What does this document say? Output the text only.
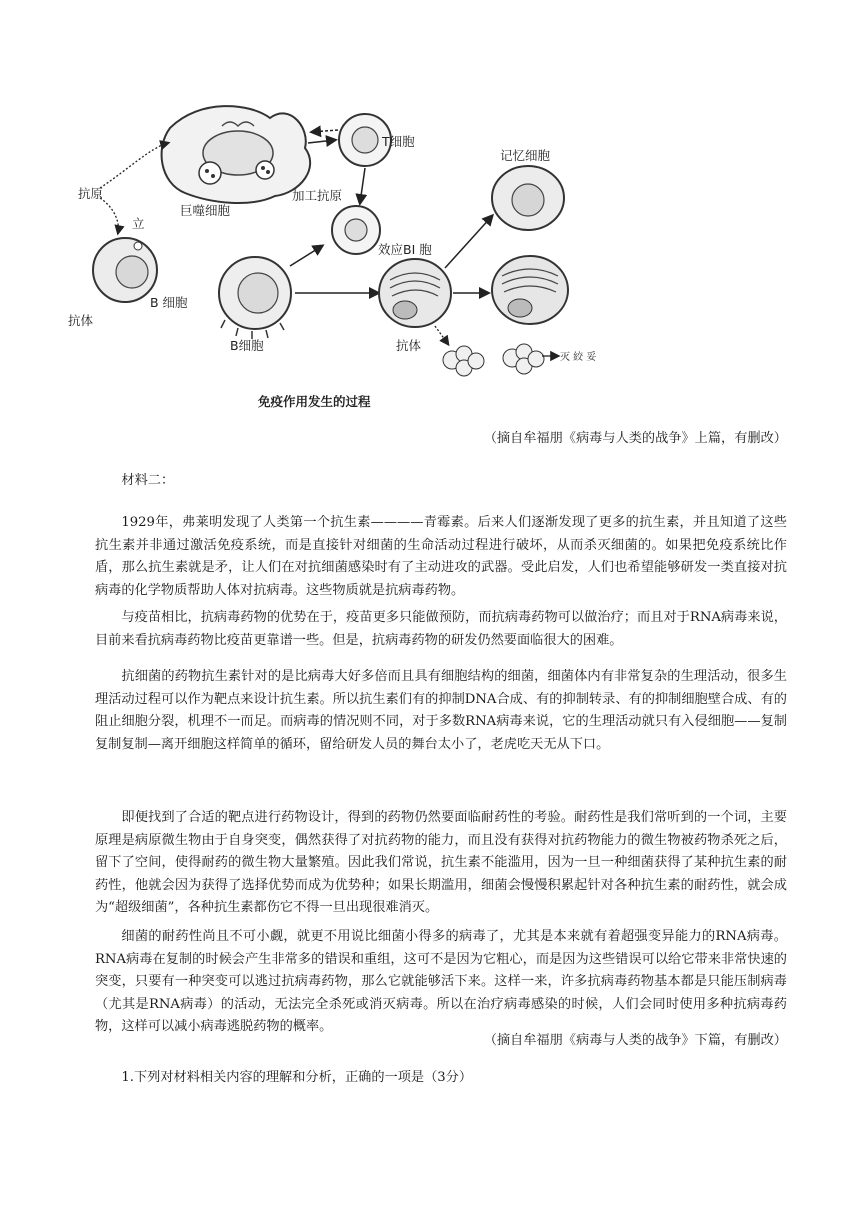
巨噬细胞
T细胞
加工抗原
抗原
立
B 细胞
抗体
B细胞
效应BI 胞
抗体
记忆细胞
灭 絞 妥
免疫作用发生的过程
（摘自牟福朋《病毒与人类的战争》上篇，有删改）
材料二：

1929年，弗莱明发现了人类第一个抗生素————青霉素。后来人们逐渐发现了更多的抗生素，并且知道了这些抗生素并非通过激活免疫系统，而是直接针对细菌的生命活动过程进行破坏，从而杀灭细菌的。如果把免疫系统比作盾，那么抗生素就是矛，让人们在对抗细菌感染时有了主动进攻的武器。受此启发，人们也希望能够研发一类直接对抗病毒的化学物质帮助人体对抗病毒。这些物质就是抗病毒药物。

与疫苗相比，抗病毒药物的优势在于，疫苗更多只能做预防，而抗病毒药物可以做治疗；而且对于RNA病毒来说，目前来看抗病毒药物比疫苗更靠谱一些。但是，抗病毒药物的研发仍然要面临很大的困难。

抗细菌的药物抗生素针对的是比病毒大好多倍而且具有细胞结构的细菌，细菌体内有非常复杂的生理活动，很多生理活动过程可以作为靶点来设计抗生素。所以抗生素们有的抑制DNA合成、有的抑制转录、有的抑制细胞壁合成、有的阻止细胞分裂，机理不一而足。而病毒的情况则不同，对于多数RNA病毒来说，它的生理活动就只有入侵细胞——复制复制复制—离开细胞这样简单的循环，留给研发人员的舞台太小了，老虎吃天无从下口。

即便找到了合适的靶点进行药物设计，得到的药物仍然要面临耐药性的考验。耐药性是我们常听到的一个词，主要原理是病原微生物由于自身突变，偶然获得了对抗药物的能力，而且没有获得对抗药物能力的微生物被药物杀死之后，留下了空间，使得耐药的微生物大量繁殖。因此我们常说，抗生素不能滥用，因为一旦一种细菌获得了某种抗生素的耐药性，他就会因为获得了选择优势而成为优势种；如果长期滥用，细菌会慢慢积累起针对各种抗生素的耐药性，就会成为“超级细菌”，各种抗生素都伤它不得一旦出现很难消灭。

细菌的耐药性尚且不可小觑，就更不用说比细菌小得多的病毒了，尤其是本来就有着超强变异能力的RNA病毒。RNA病毒在复制的时候会产生非常多的错误和重组，这可不是因为它粗心，而是因为这些错误可以给它带来非常快速的突变，只要有一种突变可以逃过抗病毒药物，那么它就能够活下来。这样一来，许多抗病毒药物基本都是只能压制病毒（尤其是RNA病毒）的活动，无法完全杀死或消灭病毒。所以在治疗病毒感染的时候，人们会同时使用多种抗病毒药物，这样可以减小病毒逃脱药物的概率。

（摘自牟福朋《病毒与人类的战争》下篇，有删改）
1.下列对材料相关内容的理解和分析，正确的一项是（3分）
